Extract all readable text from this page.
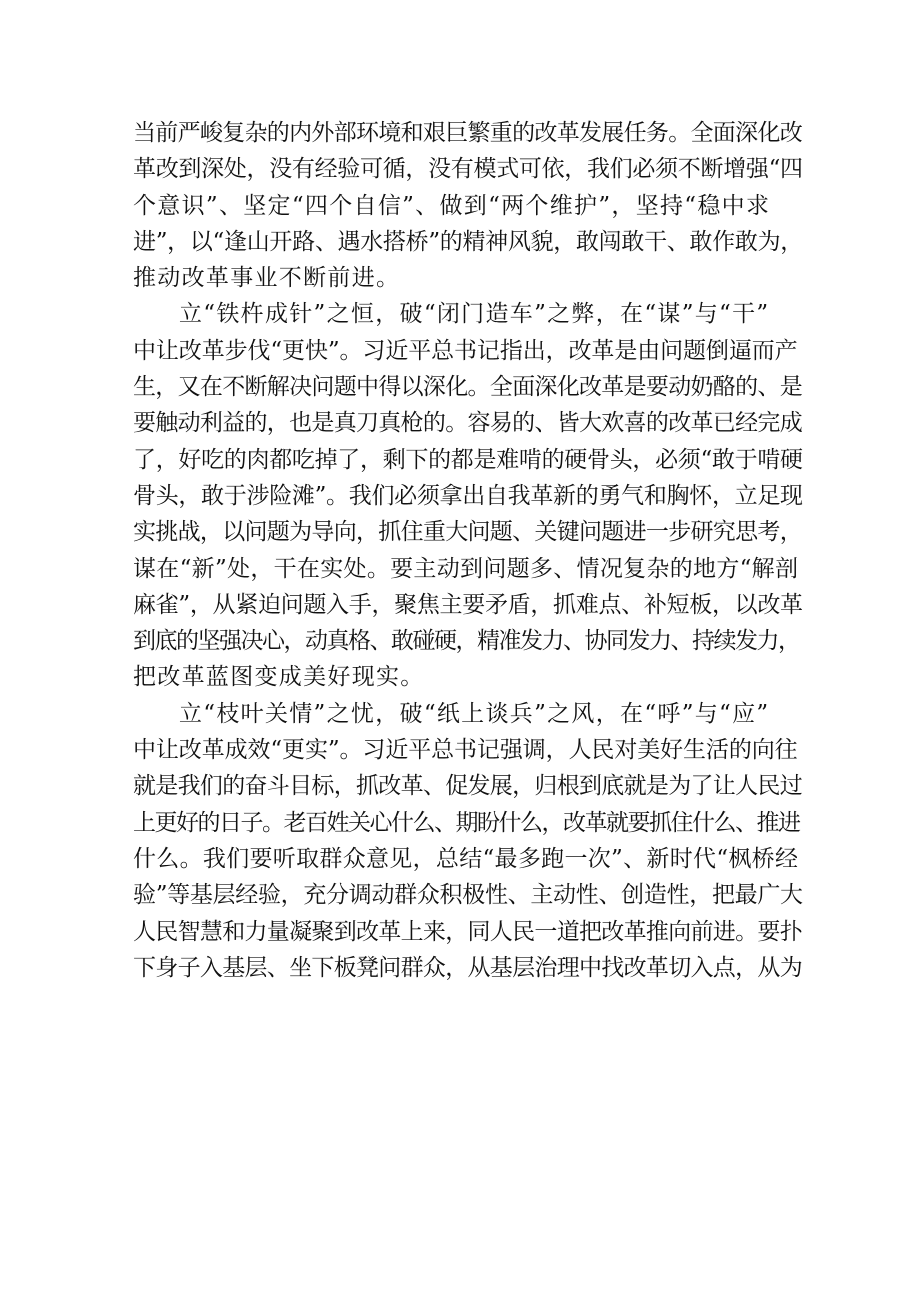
当前严峻复杂的内外部环境和艰巨繁重的改革发展任务。全面深化改
革改到深处，没有经验可循，没有模式可依，我们必须不断增强“四
个意识”、坚定“四个自信”、做到“两个维护”，坚持“稳中求
进”，以“逢山开路、遇水搭桥”的精神风貌，敢闯敢干、敢作敢为，
推动改革事业不断前进。
立“铁杵成针”之恒，破“闭门造车”之弊，在“谋”与“干”
中让改革步伐“更快”。习近平总书记指出，改革是由问题倒逼而产
生，又在不断解决问题中得以深化。全面深化改革是要动奶酪的、是
要触动利益的，也是真刀真枪的。容易的、皆大欢喜的改革已经完成
了，好吃的肉都吃掉了，剩下的都是难啃的硬骨头，必须“敢于啃硬
骨头，敢于涉险滩”。我们必须拿出自我革新的勇气和胸怀，立足现
实挑战，以问题为导向，抓住重大问题、关键问题进一步研究思考，
谋在“新”处，干在实处。要主动到问题多、情况复杂的地方“解剖
麻雀”，从紧迫问题入手，聚焦主要矛盾，抓难点、补短板，以改革
到底的坚强决心，动真格、敢碰硬，精准发力、协同发力、持续发力，
把改革蓝图变成美好现实。
立“枝叶关情”之忧，破“纸上谈兵”之风，在“呼”与“应”
中让改革成效“更实”。习近平总书记强调，人民对美好生活的向往
就是我们的奋斗目标，抓改革、促发展，归根到底就是为了让人民过
上更好的日子。老百姓关心什么、期盼什么，改革就要抓住什么、推进
什么。我们要听取群众意见，总结“最多跑一次”、新时代“枫桥经
验”等基层经验，充分调动群众积极性、主动性、创造性，把最广大
人民智慧和力量凝聚到改革上来，同人民一道把改革推向前进。要扑
下身子入基层、坐下板凳问群众，从基层治理中找改革切入点，从为
